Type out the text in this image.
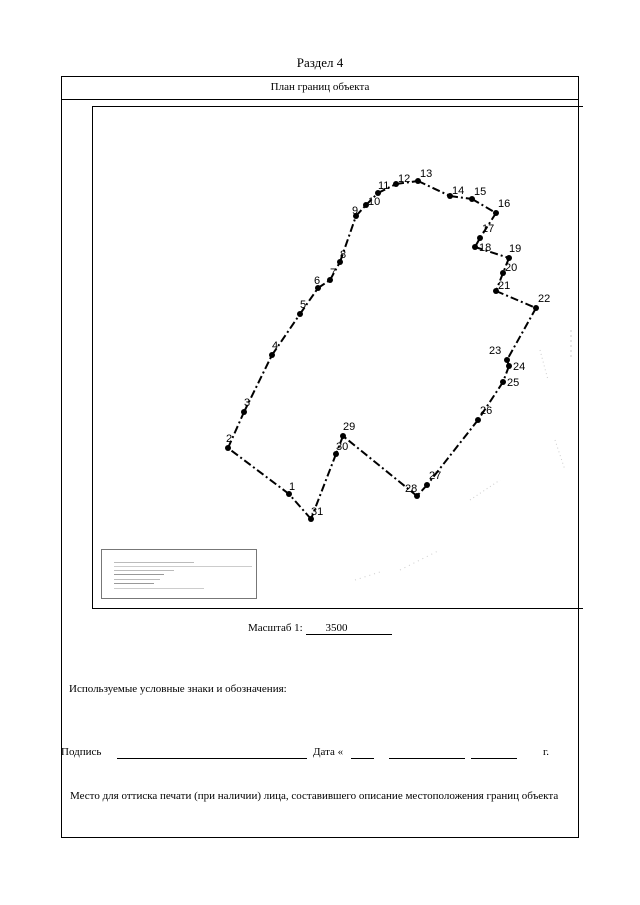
Раздел 4
План границ объекта
1
2
3
4
5
6
7
8
9
10
11
12 13
14 15
16
17
18 19
20
21
22
23
24
25
26
27
28
29
30
31
Масштаб 1: 3500
Используемые условные знаки и обозначения:
Подпись	Дата «	г.
Место для оттиска печати (при наличии) лица, составившего описание местоположения границ объекта
